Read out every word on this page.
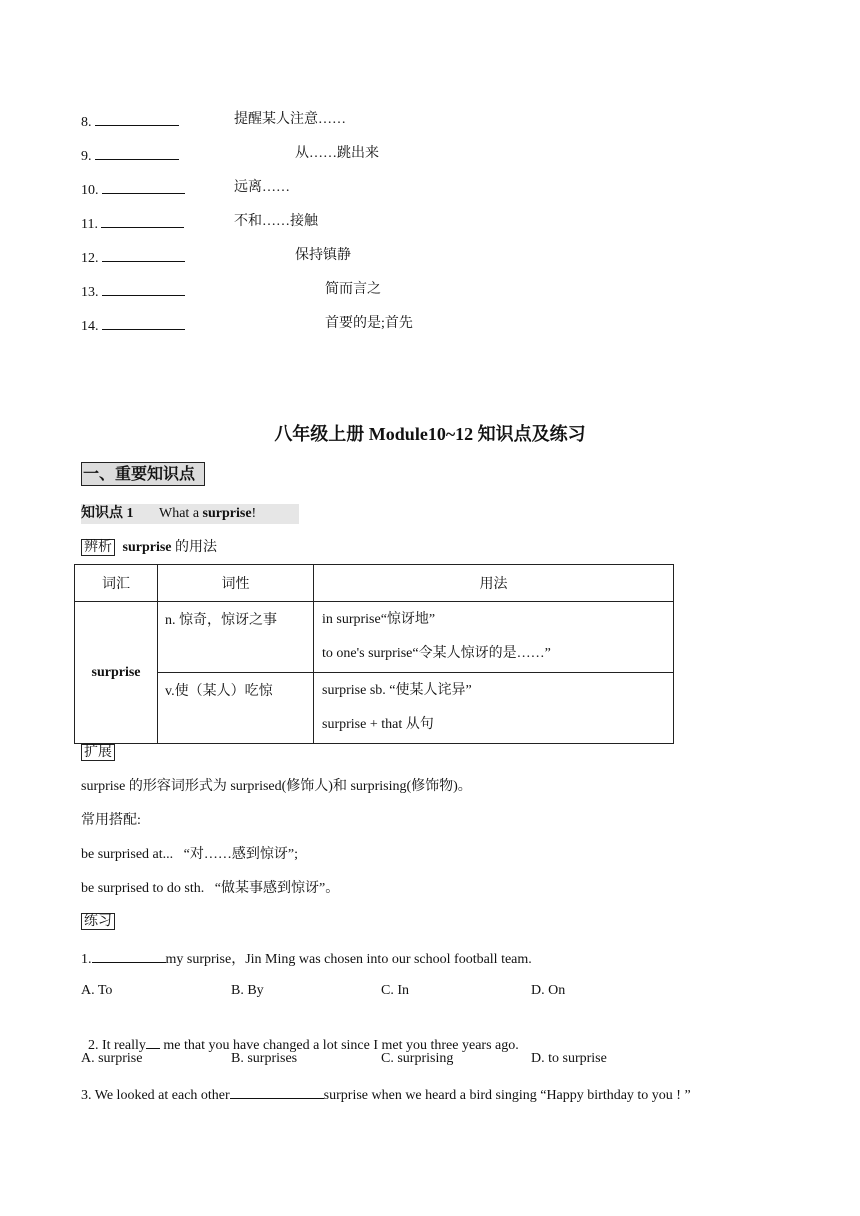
8.	提醒某人注意……
9.	从……跳出来
10.	远离……
11.	不和……接触
12.	保持镇静
13.	简而言之
14.	首要的是;首先
八年级上册 Module10~12 知识点及练习
一、重要知识点
知识点 1 What a surprise!
辨析 surprise 的用法
词汇	词性	用法
surprise	n. 惊奇，惊讶之事	in surprise“惊讶地”
to one's surprise“令某人惊讶的是……”

	v.使（某人）吃惊	surprise sb. “使某人诧异”
surprise + that 从句
扩展
surprise 的形容词形式为 surprised(修饰人)和 surprising(修饰物)。
常用搭配:
be surprised at...   “对……感到惊讶”;
be surprised to do sth.   “做某事感到惊讶”。
练习
1.	my surprise，Jin Ming was chosen into our school football team.
A. To	B. By	C. In	D. On

2. It really me that you have changed a lot since I met you three years ago.

A. surprise	B. surprises	C. surprising	D. to surprise
3. We looked at each other	surprise when we heard a bird singing “Happy birthday to you ! ”
